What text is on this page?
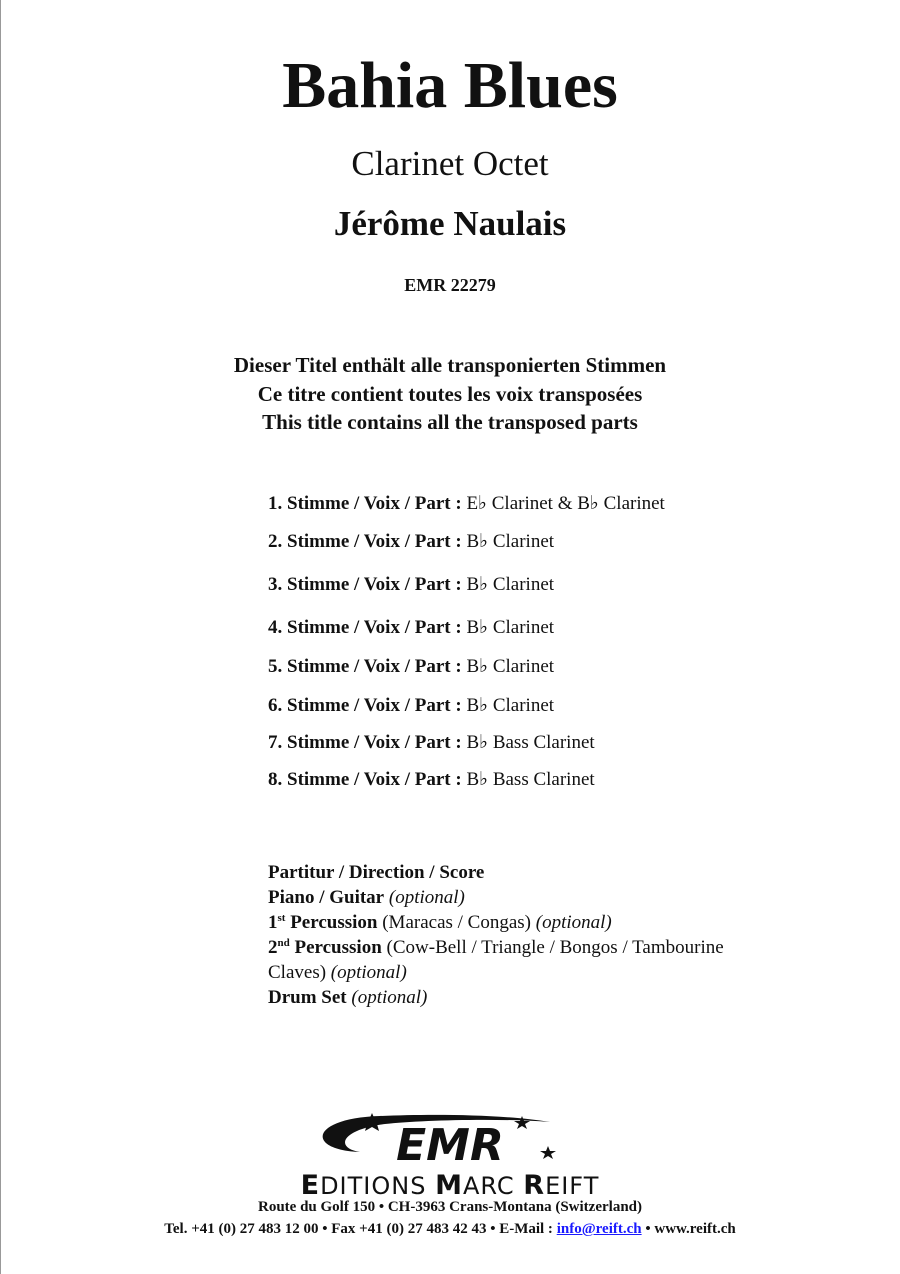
Bahia Blues
Clarinet Octet
Jérôme Naulais
EMR 22279
Dieser Titel enthält alle transponierten Stimmen
Ce titre contient toutes les voix transposées
This title contains all the transposed parts
1. Stimme / Voix / Part : E♭ Clarinet & B♭ Clarinet
2. Stimme / Voix / Part : B♭ Clarinet
3. Stimme / Voix / Part : B♭ Clarinet
4. Stimme / Voix / Part : B♭ Clarinet
5. Stimme / Voix / Part : B♭ Clarinet
6. Stimme / Voix / Part : B♭ Clarinet
7. Stimme / Voix / Part : B♭ Bass Clarinet
8. Stimme / Voix / Part : B♭ Bass Clarinet
Partitur / Direction / Score
Piano / Guitar (optional)
1st Percussion (Maracas / Congas) (optional)
2nd Percussion (Cow-Bell / Triangle / Bongos / Tambourine
Claves) (optional)
Drum Set (optional)
EMR
EDITIONS MARC REIFT
Route du Golf 150 • CH-3963 Crans-Montana (Switzerland)
Tel. +41 (0) 27 483 12 00 • Fax +41 (0) 27 483 42 43 • E-Mail : info@reift.ch • www.reift.ch
